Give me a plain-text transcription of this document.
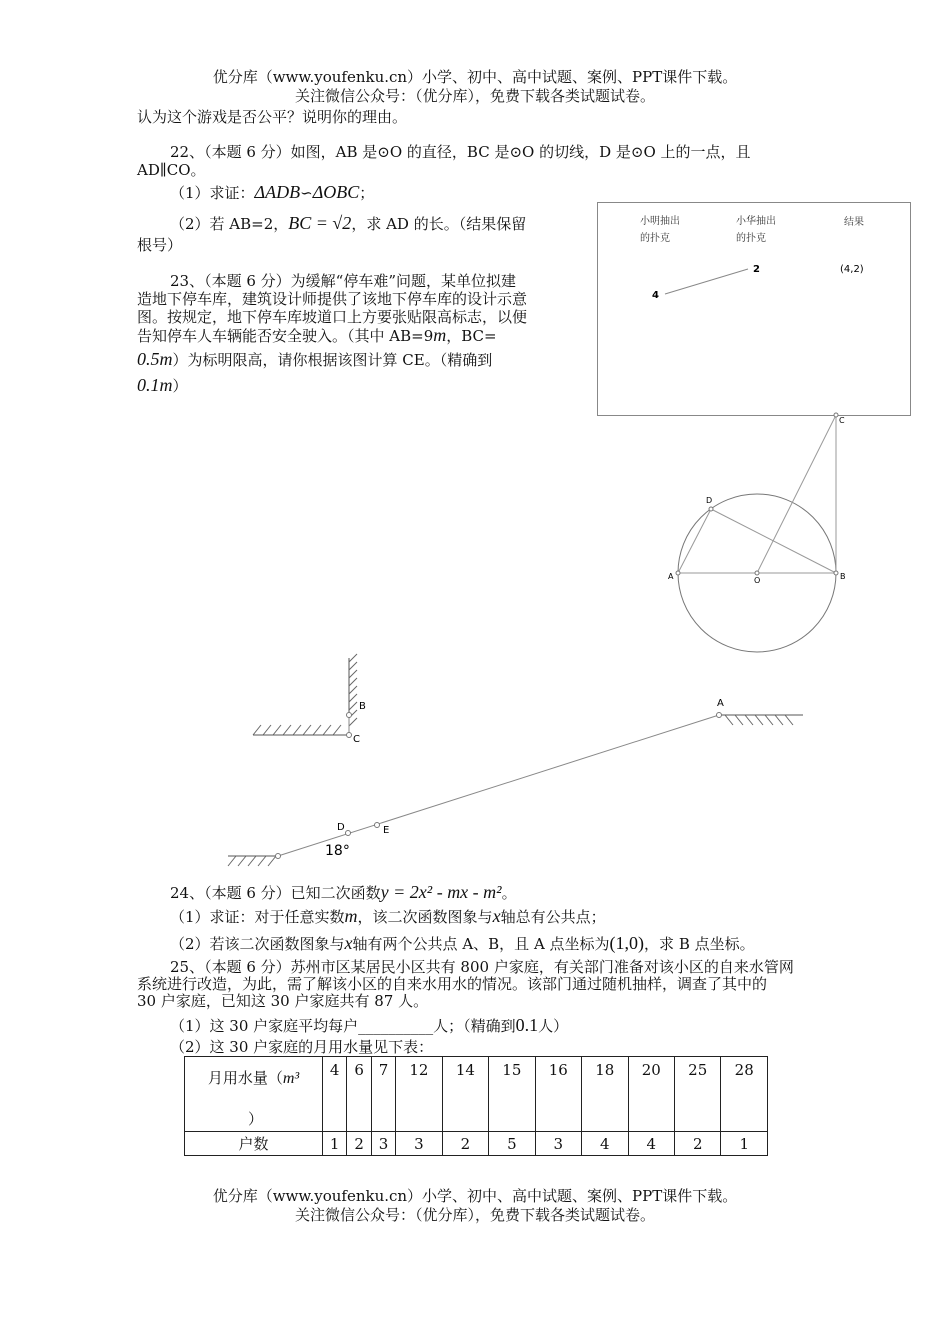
优分库（www.youfenku.cn）小学、初中、高中试题、案例、PPT课件下载。
关注微信公众号：（优分库），免费下载各类试题试卷。
认为这个游戏是否公平？说明你的理由。
22、（本题 6 分）如图，AB 是⊙O 的直径，BC 是⊙O 的切线，D 是⊙O 上的一点，且
AD∥CO。
（1）求证：ΔADB∽ΔOBC；
（2）若 AB=2，BC = √2，求 AD 的长。（结果保留
根号）
23、（本题 6 分）为缓解“停车难”问题，某单位拟建
造地下停车库，建筑设计师提供了该地下停车库的设计示意
图。按规定，地下停车库坡道口上方要张贴限高标志，以便
告知停车人车辆能否安全驶入。（其中 AB=9m，BC=
0.5m）为标明限高，请你根据该图计算 CE。（精确到
0.1m）
小明抽出
的扑克
小华抽出
的扑克
结果
4
2	(4,2)
A	B
C
D
O
B
C
A
D	E
18°
24、（本题 6 分）已知二次函数y = 2x² - mx - m²。
（1）求证：对于任意实数m，该二次函数图象与x轴总有公共点；
（2）若该二次函数图象与x轴有两个公共点 A、B，且 A 点坐标为(1,0)，求 B 点坐标。
25、（本题 6 分）苏州市区某居民小区共有 800 户家庭，有关部门准备对该小区的自来水管网
系统进行改造，为此，需了解该小区的自来水用水的情况。该部门通过随机抽样，调查了其中的
30 户家庭，已知这 30 户家庭共有 87 人。
（1）这 30 户家庭平均每户__________人；（精确到0.1人）
（2）这 30 户家庭的月用水量见下表：
月用水量（m³
）	4	6	7	12	14	15	16	18	20	25	28
户数	1	2	3	3	2	5	3	4	4	2	1
优分库（www.youfenku.cn）小学、初中、高中试题、案例、PPT课件下载。
关注微信公众号：（优分库），免费下载各类试题试卷。
